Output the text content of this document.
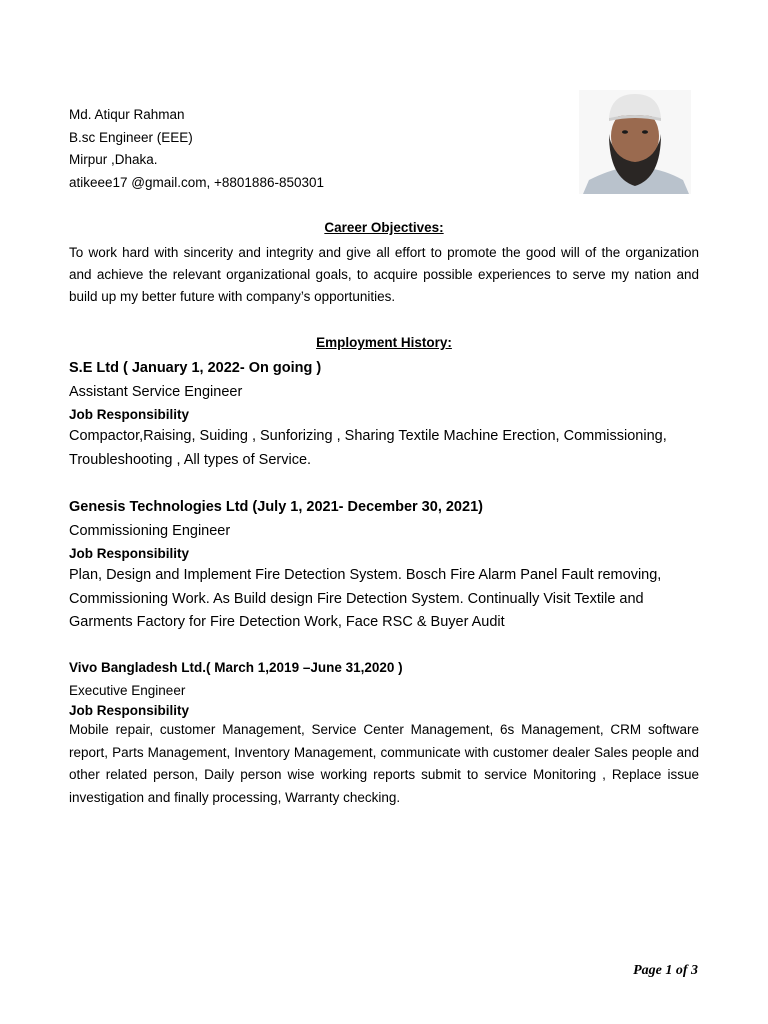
Md. Atiqur Rahman
B.sc Engineer (EEE)
Mirpur ,Dhaka.
atikeee17 @gmail.com, +8801886-850301
Career Objectives:
To work hard with sincerity and integrity and give all effort to promote the good will of the organization and achieve the relevant organizational goals, to acquire possible experiences to serve my nation and build up my better future with company’s opportunities.
Employment History:
S.E Ltd ( January 1, 2022- On going )
Assistant Service Engineer
Job Responsibility
Compactor,Raising, Suiding , Sunforizing , Sharing Textile Machine Erection, Commissioning, Troubleshooting , All types of Service.
Genesis Technologies Ltd (July 1, 2021- December 30, 2021)
Commissioning Engineer
Job Responsibility
Plan, Design and Implement Fire Detection System. Bosch Fire Alarm Panel Fault removing, Commissioning Work. As Build design Fire Detection System. Continually Visit Textile and Garments Factory for Fire Detection Work, Face RSC & Buyer Audit
Vivo Bangladesh Ltd.( March 1,2019 –June 31,2020 )
Executive Engineer
Job Responsibility
Mobile repair, customer Management, Service Center Management, 6s Management, CRM software report, Parts Management, Inventory Management, communicate with customer dealer Sales people and other related person, Daily person wise working reports submit to service Monitoring , Replace issue investigation and finally processing, Warranty checking.
Page 1 of 3
